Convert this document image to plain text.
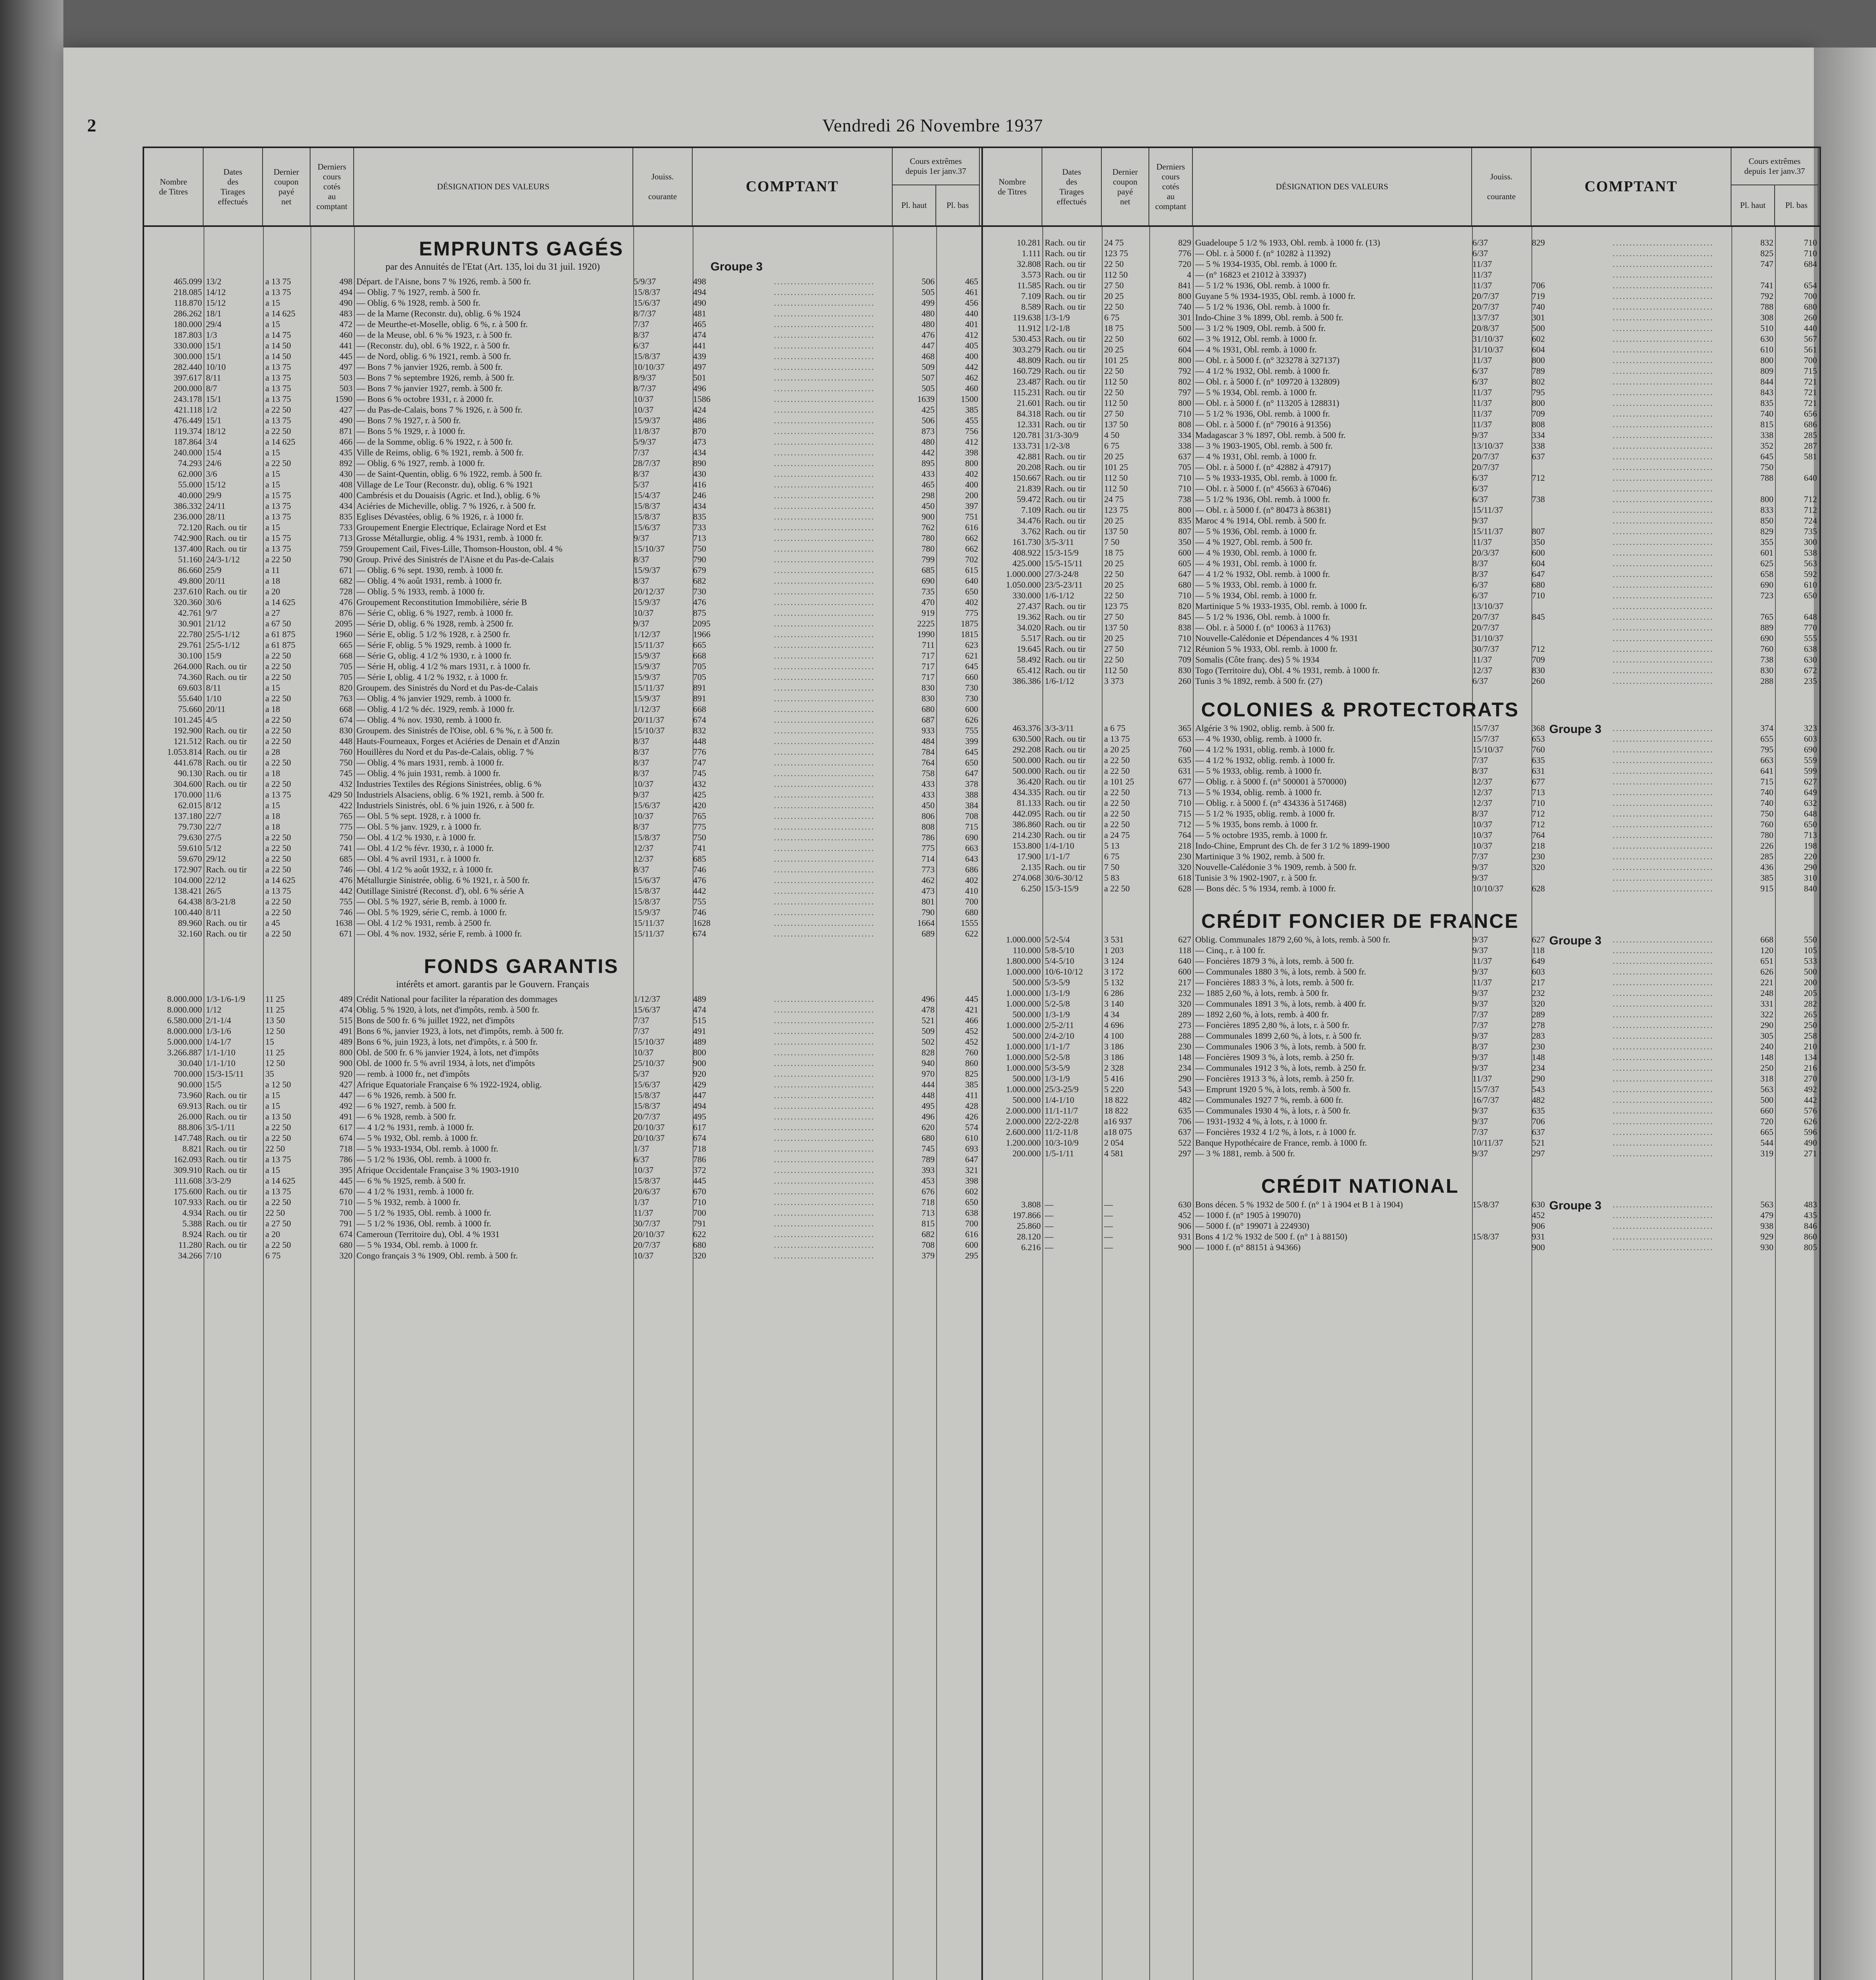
2	Vendredi 26 Novembre 1937
Nombre
de Titres
Dates
des
Tirages
effectués
Dernier
coupon
payé
net
Derniers
cours
cotés
au
comptant
DÉSIGNATION DES VALEURS
Jouiss.

courante
COMPTANT
Cours extrêmes
depuis 1er janv.37
Pl. haut	Pl. bas
EMPRUNTS GAGÉS
par des Annuités de l'Etat (Art. 135, loi du 31 juil. 1920)	Groupe 3
465.099 13/2	a 13 75	498 Départ. de l'Aisne, bons 7 % 1926, remb. à 500 fr.	5/9/37	498	506	465
..............................
218.085 14/12	a 13 75	494 — Oblig. 7 % 1927, remb. à 500 fr.	15/8/37	494	505	461
..............................
118.870 15/12	a 15	490 — Oblig. 6 % 1928, remb. à 500 fr.	15/6/37	490	499	456
..............................
286.262 18/1	a 14 625	483 — de la Marne (Reconstr. du), oblig. 6 % 1924	8/7/37	481	480	440
..............................
180.000 29/4	a 15	472 — de Meurthe-et-Moselle, oblig. 6 %, r. à 500 fr.	7/37	465	480	401
..............................
187.803 1/3	a 14 75	460 — de la Meuse, obl. 6 % % 1923, r. à 500 fr.	8/37	474	476	412
..............................
330.000 15/1	a 14 50	441 — (Reconstr. du), obl. 6 % 1922, r. à 500 fr.	6/37	441	447	405
..............................
300.000 15/1	a 14 50	445 — de Nord, oblig. 6 % 1921, remb. à 500 fr.	15/8/37	439	468	400
..............................
282.440 10/10	a 13 75	497 — Bons 7 % janvier 1926, remb. à 500 fr.	10/10/37	497	509	442
..............................
397.617 8/11	a 13 75	503 — Bons 7 % septembre 1926, remb. à 500 fr.	8/9/37	501	507	462
..............................
200.000 8/7	a 13 75	503 — Bons 7 % janvier 1927, remb. à 500 fr.	8/7/37	496	505	460
..............................
243.178 15/1	a 13 75	1590 — Bons 6 % octobre 1931, r. à 2000 fr.	10/37	1586	1639	1500
..............................
421.118 1/2	a 22 50	427 — du Pas-de-Calais, bons 7 % 1926, r. à 500 fr.	10/37	424	425	385
..............................
476.449 15/1	a 13 75	490 — Bons 7 % 1927, r. à 500 fr.	15/9/37	486	506	455
..............................
119.374 18/12	a 22 50	871 — Bons 5 % 1929, r. à 1000 fr.	11/8/37	870	873	756
..............................
187.864 3/4	a 14 625	466 — de la Somme, oblig. 6 % 1922, r. à 500 fr.	5/9/37	473	480	412
..............................
240.000 15/4	a 15	435 Ville de Reims, oblig. 6 % 1921, remb. à 500 fr.	7/37	434	442	398
..............................
74.293 24/6	a 22 50	892 — Oblig. 6 % 1927, remb. à 1000 fr.	28/7/37	890	895	800
..............................
62.000 3/6	a 15	430 — de Saint-Quentin, oblig. 6 % 1922, remb. à 500 fr.	8/37	430	433	402
..............................
55.000 15/12	a 15	408 Village de Le Tour (Reconstr. du), oblig. 6 % 1921	5/37	416	465	400
..............................
40.000 29/9	a 15 75	400 Cambrésis et du Douaisis (Agric. et Ind.), oblig. 6 %	15/4/37	246	298	200
..............................
386.332 24/11	a 13 75	434 Aciéries de Micheville, oblig. 7 % 1926, r. à 500 fr.	15/8/37	434	450	397
..............................
236.000 28/11	a 13 75	835 Eglises Dévastées, oblig. 6 % 1926, r. à 1000 fr.	15/8/37	835	900	751
..............................
72.120 Rach. ou tir	a 15	733 Groupement Energie Electrique, Eclairage Nord et Est	15/6/37	733	762	616
..............................
742.900 Rach. ou tir	a 15 75	713 Grosse Métallurgie, oblig. 4 % 1931, remb. à 1000 fr.	9/37	713	780	662
..............................
137.400 Rach. ou tir	a 13 75	759 Groupement Cail, Fives-Lille, Thomson-Houston, obl. 4 %	15/10/37	750	780	662
..............................
51.160 24/3-1/12	a 22 50	790 Group. Privé des Sinistrés de l'Aisne et du Pas-de-Calais	8/37	790	799	702
..............................
86.660 25/9	a 11	671 — Oblig. 6 % sept. 1930, remb. à 1000 fr.	15/9/37	679	685	615
..............................
49.800 20/11	a 18	682 — Oblig. 4 % août 1931, remb. à 1000 fr.	8/37	682	690	640
..............................
237.610 Rach. ou tir	a 20	728 — Oblig. 5 % 1933, remb. à 1000 fr.	20/12/37	730	735	650
..............................
320.360 30/6	a 14 625	476 Groupement Reconstitution Immobilière, série B	15/9/37	476	470	402
..............................
42.761 9/7	a 27	876 — Série C, oblig. 6 % 1927, remb. à 1000 fr.	10/37	875	919	775
..............................
30.901 21/12	a 67 50	2095 — Série D, oblig. 6 % 1928, remb. à 2500 fr.	9/37	2095	2225	1875
..............................
22.780 25/5-1/12	a 61 875	1960 — Série E, oblig. 5 1/2 % 1928, r. à 2500 fr.	1/12/37	1966	1990	1815
..............................
29.761 25/5-1/12	a 61 875	665 — Série F, oblig. 5 % 1929, remb. à 1000 fr.	15/11/37	665	711	623
..............................
30.100 15/9	a 22 50	668 — Série G, oblig. 4 1/2 % 1930, r. à 1000 fr.	15/9/37	668	717	621
..............................
264.000 Rach. ou tir	a 22 50	705 — Série H, oblig. 4 1/2 % mars 1931, r. à 1000 fr.	15/9/37	705	717	645
..............................
74.360 Rach. ou tir	a 22 50	705 — Série I, oblig. 4 1/2 % 1932, r. à 1000 fr.	15/9/37	705	717	660
..............................
69.603 8/11	a 15	820 Groupem. des Sinistrés du Nord et du Pas-de-Calais	15/11/37	891	830	730
..............................
55.640 1/10	a 22 50	763 — Oblig. 4 % janvier 1929, remb. à 1000 fr.	15/9/37	891	830	730
..............................
75.660 20/11	a 18	668 — Oblig. 4 1/2 % déc. 1929, remb. à 1000 fr.	1/12/37	668	680	600
..............................
101.245 4/5	a 22 50	674 — Oblig. 4 % nov. 1930, remb. à 1000 fr.	20/11/37	674	687	626
..............................
192.900 Rach. ou tir	a 22 50	830 Groupem. des Sinistrés de l'Oise, obl. 6 % %, r. à 500 fr.	15/10/37	832	933	755
..............................
121.512 Rach. ou tir	a 22 50	448 Hauts-Fourneaux, Forges et Aciéries de Denain et d'Anzin	8/37	448	484	399
..............................
1.053.814 Rach. ou tir	a 28	760 Houillères du Nord et du Pas-de-Calais, oblig. 7 %	8/37	776	784	645
..............................
441.678 Rach. ou tir	a 22 50	750 — Oblig. 4 % mars 1931, remb. à 1000 fr.	8/37	747	764	650
..............................
90.130 Rach. ou tir	a 18	745 — Oblig. 4 % juin 1931, remb. à 1000 fr.	8/37	745	758	647
..............................
304.600 Rach. ou tir	a 22 50	432 Industries Textiles des Régions Sinistrées, oblig. 6 %	10/37	432	433	378
..............................
170.000 11/6	a 13 75	429 50 Industriels Alsaciens, oblig. 6 % 1921, remb. à 500 fr.	9/37	425	433	388
..............................
62.015 8/12	a 15	422 Industriels Sinistrés, obl. 6 % juin 1926, r. à 500 fr.	15/6/37	420	450	384
..............................
137.180 22/7	a 18	765 — Obl. 5 % sept. 1928, r. à 1000 fr.	10/37	765	806	708
..............................
79.730 22/7	a 18	775 — Obl. 5 % janv. 1929, r. à 1000 fr.	8/37	775	808	715
..............................
79.630 27/5	a 22 50	750 — Obl. 4 1/2 % 1930, r. à 1000 fr.	15/8/37	750	786	690
..............................
59.610 5/12	a 22 50	741 — Obl. 4 1/2 % févr. 1930, r. à 1000 fr.	12/37	741	775	663
..............................
59.670 29/12	a 22 50	685 — Obl. 4 % avril 1931, r. à 1000 fr.	12/37	685	714	643
..............................
172.907 Rach. ou tir	a 22 50	746 — Obl. 4 1/2 % août 1932, r. à 1000 fr.	8/37	746	773	686
..............................
104.000 22/12	a 14 625	476 Métallurgie Sinistrée, oblig. 6 % 1921, r. à 500 fr.	15/6/37	476	462	402
..............................
138.421 26/5	a 13 75	442 Outillage Sinistré (Reconst. d'), obl. 6 % série A	15/8/37	442	473	410
..............................
64.438 8/3-21/8	a 22 50	755 — Obl. 5 % 1927, série B, remb. à 1000 fr.	15/8/37	755	801	700
..............................
100.440 8/11	a 22 50	746 — Obl. 5 % 1929, série C, remb. à 1000 fr.	15/9/37	746	790	680
..............................
89.960 Rach. ou tir	a 45	1638 — Obl. 4 1/2 % 1931, remb. à 2500 fr.	15/11/37	1628	1664	1555
..............................
32.160 Rach. ou tir	a 22 50	671 — Obl. 4 % nov. 1932, série F, remb. à 1000 fr.	15/11/37	674	689	622
..............................
FONDS GARANTIS
intérêts et amort. garantis par le Gouvern. Français
8.000.000 1/3-1/6-1/9	11 25	489 Crédit National pour faciliter la réparation des dommages	1/12/37	489	496	445
..............................
8.000.000 1/12	11 25	474 Oblig. 5 % 1920, à lots, net d'impôts, remb. à 500 fr.	15/6/37	474	478	421
..............................
6.580.000 2/1-1/4	13 50	515 Bons de 500 fr. 6 % juillet 1922, net d'impôts	7/37	515	521	466
..............................
8.000.000 1/3-1/6	12 50	491 Bons 6 %, janvier 1923, à lots, net d'impôts, remb. à 500 fr.	7/37	491	509	452
..............................
5.000.000 1/4-1/7	15	489 Bons 6 %, juin 1923, à lots, net d'impôts, r. à 500 fr.	15/10/37	489	502	452
..............................
3.266.887 1/1-1/10	11 25	800 Obl. de 500 fr. 6 % janvier 1924, à lots, net d'impôts	10/37	800	828	760
..............................
30.040 1/1-1/10	12 50	900 Obl. de 1000 fr. 5 % avril 1934, à lots, net d'impôts	25/10/37	900	940	860
..............................
700.000 15/3-15/11	35	920 — remb. à 1000 fr., net d'impôts	5/37	920	970	825
..............................
90.000 15/5	a 12 50	427 Afrique Equatoriale Française 6 % 1922-1924, oblig.	15/6/37	429	444	385
..............................
73.960 Rach. ou tir	a 15	447 — 6 % 1926, remb. à 500 fr.	15/8/37	447	448	411
..............................
69.913 Rach. ou tir	a 15	492 — 6 % 1927, remb. à 500 fr.	15/8/37	494	495	428
..............................
26.000 Rach. ou tir	a 13 50	491 — 6 % 1928, remb. à 500 fr.	20/7/37	495	496	426
..............................
88.806 3/5-1/11	a 22 50	617 — 4 1/2 % 1931, remb. à 1000 fr.	20/10/37	617	620	574
..............................
147.748 Rach. ou tir	a 22 50	674 — 5 % 1932, Obl. remb. à 1000 fr.	20/10/37	674	680	610
..............................
8.821 Rach. ou tir	22 50	718 — 5 % 1933-1934, Obl. remb. à 1000 fr.	1/37	718	745	693
..............................
162.093 Rach. ou tir	a 13 75	786 — 5 1/2 % 1936, Obl. remb. à 1000 fr.	6/37	786	789	647
..............................
309.910 Rach. ou tir	a 15	395 Afrique Occidentale Française 3 % 1903-1910	10/37	372	393	321
..............................
111.608 3/3-2/9	a 14 625	445 — 6 % % 1925, remb. à 500 fr.	15/8/37	445	453	398
..............................
175.600 Rach. ou tir	a 13 75	670 — 4 1/2 % 1931, remb. à 1000 fr.	20/6/37	670	676	602
..............................
107.933 Rach. ou tir	a 22 50	710 — 5 % 1932, remb. à 1000 fr.	1/37	710	718	650
..............................
4.934 Rach. ou tir	22 50	700 — 5 1/2 % 1935, Obl. remb. à 1000 fr.	11/37	700	713	638
..............................
5.388 Rach. ou tir	a 27 50	791 — 5 1/2 % 1936, Obl. remb. à 1000 fr.	30/7/37	791	815	700
..............................
8.924 Rach. ou tir	a 20	674 Cameroun (Territoire du), Obl. 4 % 1931	20/10/37	622	682	616
..............................
11.280 Rach. ou tir	a 22 50	680 — 5 % 1934, Obl. remb. à 1000 fr.	20/7/37	680	708	600
..............................
34.266 7/10	6 75	320 Congo français 3 % 1909, Obl. remb. à 500 fr.	10/37	320	379	295
..............................
Nombre
de Titres
Dates
des
Tirages
effectués
Dernier
coupon
payé
net
Derniers
cours
cotés
au
comptant
DÉSIGNATION DES VALEURS
Jouiss.

courante
COMPTANT
Cours extrêmes
depuis 1er janv.37
Pl. haut	Pl. bas
10.281 Rach. ou tir	24 75	829 Guadeloupe 5 1/2 % 1933, Obl. remb. à 1000 fr. (13)	6/37	829	832	710
..............................
1.111 Rach. ou tir	123 75	776 — Obl. r. à 5000 f. (n° 10282 à 11392)	6/37	825	710
..............................
32.808 Rach. ou tir	22 50	720 — 5 % 1934-1935, Obl. remb. à 1000 fr.	11/37	747	684
..............................
3.573 Rach. ou tir	112 50	4 — (n° 16823 et 21012 à 33937)	11/37	..............................
11.585 Rach. ou tir	27 50	841 — 5 1/2 % 1936, Obl. remb. à 1000 fr.	11/37	706	741	654
..............................
7.109 Rach. ou tir	20 25	800 Guyane 5 % 1934-1935, Obl. remb. à 1000 fr.	20/7/37	719	792	700
..............................
8.589 Rach. ou tir	22 50	740 — 5 1/2 % 1936, Obl. remb. à 1000 fr.	20/7/37	740	788	680
..............................
119.638 1/3-1/9	6 75	301 Indo-Chine 3 % 1899, Obl. remb. à 500 fr.	13/7/37	301	308	260
..............................
11.912 1/2-1/8	18 75	500 — 3 1/2 % 1909, Obl. remb. à 500 fr.	20/8/37	500	510	440
..............................
530.453 Rach. ou tir	22 50	602 — 3 % 1912, Obl. remb. à 1000 fr.	31/10/37	602	630	567
..............................
303.279 Rach. ou tir	20 25	604 — 4 % 1931, Obl. remb. à 1000 fr.	31/10/37	604	610	561
..............................
48.809 Rach. ou tir	101 25	800 — Obl. r. à 5000 f. (n° 323278 à 327137)	11/37	800	800	700
..............................
160.729 Rach. ou tir	22 50	792 — 4 1/2 % 1932, Obl. remb. à 1000 fr.	6/37	789	809	715
..............................
23.487 Rach. ou tir	112 50	802 — Obl. r. à 5000 f. (n° 109720 à 132809)	6/37	802	844	721
..............................
115.231 Rach. ou tir	22 50	797 — 5 % 1934, Obl. remb. à 1000 fr.	11/37	795	843	721
..............................
21.601 Rach. ou tir	112 50	800 — Obl. r. à 5000 f. (n° 113205 à 128831)	11/37	800	835	721
..............................
84.318 Rach. ou tir	27 50	710 — 5 1/2 % 1936, Obl. remb. à 1000 fr.	11/37	709	740	656
..............................
12.331 Rach. ou tir	137 50	808 — Obl. r. à 5000 f. (n° 79016 à 91356)	11/37	808	815	686
..............................
120.781 31/3-30/9	4 50	334 Madagascar 3 % 1897, Obl. remb. à 500 fr.	9/37	334	338	285
..............................
133.731 1/2-3/8	6 75	338 — 3 % 1903-1905, Obl. remb. à 500 fr.	13/10/37	338	352	287
..............................
42.881 Rach. ou tir	20 25	637 — 4 % 1931, Obl. remb. à 1000 fr.	20/7/37	637	645	581
..............................
20.208 Rach. ou tir	101 25	705 — Obl. r. à 5000 f. (n° 42882 à 47917)	20/7/37	750
..............................
150.667 Rach. ou tir	112 50	710 — 5 % 1933-1935, Obl. remb. à 1000 fr.	6/37	712	788	640
..............................
21.839 Rach. ou tir	112 50	710 — Obl. r. à 5000 f. (n° 45663 à 67046)	6/37	..............................
59.472 Rach. ou tir	24 75	738 — 5 1/2 % 1936, Obl. remb. à 1000 fr.	6/37	738	800	712
..............................
7.109 Rach. ou tir	123 75	800 — Obl. r. à 5000 f. (n° 80473 à 86381)	15/11/37	833	712
..............................
34.476 Rach. ou tir	20 25	835 Maroc 4 % 1914, Obl. remb. à 500 fr.	9/37	850	724
..............................
3.762 Rach. ou tir	137 50	807 — 5 % 1936, Obl. remb. à 1000 fr.	15/11/37	807	829	735
..............................
161.730 3/5-3/11	7 50	350 — 4 % 1927, Obl. remb. à 500 fr.	11/37	350	355	300
..............................
408.922 15/3-15/9	18 75	600 — 4 % 1930, Obl. remb. à 1000 fr.	20/3/37	600	601	538
..............................
425.000 15/5-15/11	20 25	605 — 4 % 1931, Obl. remb. à 1000 fr.	8/37	604	625	563
..............................
1.000.000 27/3-24/8	22 50	647 — 4 1/2 % 1932, Obl. remb. à 1000 fr.	8/37	647	658	592
..............................
1.050.000 23/5-23/11	20 25	680 — 5 % 1933, Obl. remb. à 1000 fr.	6/37	680	690	610
..............................
330.000 1/6-1/12	22 50	710 — 5 % 1934, Obl. remb. à 1000 fr.	6/37	710	723	650
..............................
27.437 Rach. ou tir	123 75	820 Martinique 5 % 1933-1935, Obl. remb. à 1000 fr.	13/10/37	..............................
19.362 Rach. ou tir	27 50	845 — 5 1/2 % 1936, Obl. remb. à 1000 fr.	20/7/37	845	765	648
..............................
34.020 Rach. ou tir	137 50	838 — Obl. r. à 5000 f. (n° 10063 à 11763)	20/7/37	889	770
..............................
5.517 Rach. ou tir	20 25	710 Nouvelle-Calédonie et Dépendances 4 % 1931	31/10/37	690	555
..............................
19.645 Rach. ou tir	27 50	712 Réunion 5 % 1933, Obl. remb. à 1000 fr.	30/7/37	712	760	638
..............................
58.492 Rach. ou tir	22 50	709 Somalis (Côte franç. des) 5 % 1934	11/37	709	738	630
..............................
65.412 Rach. ou tir	112 50	830 Togo (Territoire du), Obl. 4 % 1931, remb. à 1000 fr.	12/37	830	830	672
..............................
386.386 1/6-1/12	3 373	260 Tunis 3 % 1892, remb. à 500 fr. (27)	6/37	260	288	235
..............................
COLONIES & PROTECTORATS
Groupe 3
463.376 3/3-3/11	a 6 75	365 Algérie 3 % 1902, oblig. remb. à 500 fr.	15/7/37	368	374	323
..............................
630.500 Rach. ou tir	a 13 75	653 — 4 % 1930, oblig. remb. à 1000 fr.	15/7/37	653	655	603
..............................
292.208 Rach. ou tir	a 20 25	760 — 4 1/2 % 1931, oblig. remb. à 1000 fr.	15/10/37	760	795	690
..............................
500.000 Rach. ou tir	a 22 50	635 — 4 1/2 % 1932, oblig. remb. à 1000 fr.	7/37	635	663	559
..............................
500.000 Rach. ou tir	a 22 50	631 — 5 % 1933, oblig. remb. à 1000 fr.	8/37	631	641	599
..............................
36.420 Rach. ou tir	a 101 25	677 — Oblig. r. à 5000 f. (n° 500001 à 570000)	12/37	677	715	627
..............................
434.335 Rach. ou tir	a 22 50	713 — 5 % 1934, oblig. remb. à 1000 fr.	12/37	713	740	649
..............................
81.133 Rach. ou tir	a 22 50	710 — Oblig. r. à 5000 f. (n° 434336 à 517468)	12/37	710	740	632
..............................
442.095 Rach. ou tir	a 22 50	715 — 5 1/2 % 1935, oblig. remb. à 1000 fr.	8/37	712	750	648
..............................
386.860 Rach. ou tir	a 22 50	712 — 5 % 1935, bons remb. à 1000 fr.	10/37	712	760	650
..............................
214.230 Rach. ou tir	a 24 75	764 — 5 % octobre 1935, remb. à 1000 fr.	10/37	764	780	713
..............................
153.800 1/4-1/10	5 13	218 Indo-Chine, Emprunt des Ch. de fer 3 1/2 % 1899-1900	10/37	218	226	198
..............................
17.900 1/1-1/7	6 75	230 Martinique 3 % 1902, remb. à 500 fr.	7/37	230	285	220
..............................
2.135 Rach. ou tir	7 50	320 Nouvelle-Calédonie 3 % 1909, remb. à 500 fr.	9/37	320	436	290
..............................
274.068 30/6-30/12	5 83	618 Tunisie 3 % 1902-1907, r. à 500 fr.	9/37	385	310
..............................
6.250 15/3-15/9	a 22 50	628 — Bons déc. 5 % 1934, remb. à 1000 fr.	10/10/37	628	915	840
..............................
CRÉDIT FONCIER DE FRANCE
Groupe 3
1.000.000 5/2-5/4	3 531	627 Oblig. Communales 1879 2,60 %, à lots, remb. à 500 fr.	9/37	627	668	550
..............................
110.000 5/8-5/10	1 203	118 — Cinq., r. à 100 fr.	9/37	118	120	105
..............................
1.800.000 5/4-5/10	3 124	640 — Foncières 1879 3 %, à lots, remb. à 500 fr.	11/37	649	651	533
..............................
1.000.000 10/6-10/12	3 172	600 — Communales 1880 3 %, à lots, remb. à 500 fr.	9/37	603	626	500
..............................
500.000 5/3-5/9	5 132	217 — Foncières 1883 3 %, à lots, remb. à 500 fr.	11/37	217	221	200
..............................
1.000.000 1/3-1/9	6 286	232 — 1885 2,60 %, à lots, remb. à 500 fr.	9/37	232	248	205
..............................
1.000.000 5/2-5/8	3 140	320 — Communales 1891 3 %, à lots, remb. à 400 fr.	9/37	320	331	282
..............................
500.000 1/3-1/9	4 34	289 — 1892 2,60 %, à lots, remb. à 400 fr.	7/37	289	322	265
..............................
1.000.000 2/5-2/11	4 696	273 — Foncières 1895 2,80 %, à lots, r. à 500 fr.	7/37	278	290	250
..............................
500.000 2/4-2/10	4 100	288 — Communales 1899 2,60 %, à lots, r. à 500 fr.	9/37	283	305	258
..............................
1.000.000 1/1-1/7	3 186	230 — Communales 1906 3 %, à lots, remb. à 500 fr.	8/37	230	240	210
..............................
1.000.000 5/2-5/8	3 186	148 — Foncières 1909 3 %, à lots, remb. à 250 fr.	9/37	148	148	134
..............................
1.000.000 5/3-5/9	2 328	234 — Communales 1912 3 %, à lots, remb. à 250 fr.	9/37	234	250	216
..............................
500.000 1/3-1/9	5 416	290 — Foncières 1913 3 %, à lots, remb. à 250 fr.	11/37	290	318	270
..............................
1.000.000 25/3-25/9	5 220	543 — Emprunt 1920 5 %, à lots, remb. à 500 fr.	15/7/37	543	563	492
..............................
500.000 1/4-1/10	18 822	482 — Communales 1927 7 %, remb. à 600 fr.	16/7/37	482	500	442
..............................
2.000.000 11/1-11/7	18 822	635 — Communales 1930 4 %, à lots, r. à 500 fr.	9/37	635	660	576
..............................
2.000.000 22/2-22/8	a16 937	706 — 1931-1932 4 %, à lots, r. à 1000 fr.	9/37	706	720	626
..............................
2.600.000 11/2-11/8	a18 075	637 — Foncières 1932 4 1/2 %, à lots, r. à 1000 fr.	7/37	637	665	596
..............................
1.200.000 10/3-10/9	2 054	522 Banque Hypothécaire de France, remb. à 1000 fr.	10/11/37	521	544	490
..............................
200.000 1/5-1/11	4 581	297 — 3 % 1881, remb. à 500 fr.	9/37	297	319	271
..............................
CRÉDIT NATIONAL
Groupe 3
3.808 —	—	630 Bons décen. 5 % 1932 de 500 f. (n° 1 à 1904 et B 1 à 1904)	15/8/37	630	563	483
..............................
197.866 —	—	452 — 1000 f. (n° 1905 à 199070)	452	479	435
..............................
25.860 —	—	906 — 5000 f. (n° 199071 à 224930)	906	938	846
..............................
28.120 —	—	931 Bons 4 1/2 % 1932 de 500 f. (n° 1 à 88150)	15/8/37	931	929	860
..............................
6.216 —	—	900 — 1000 f. (n° 88151 à 94366)	900	930	805
..............................
